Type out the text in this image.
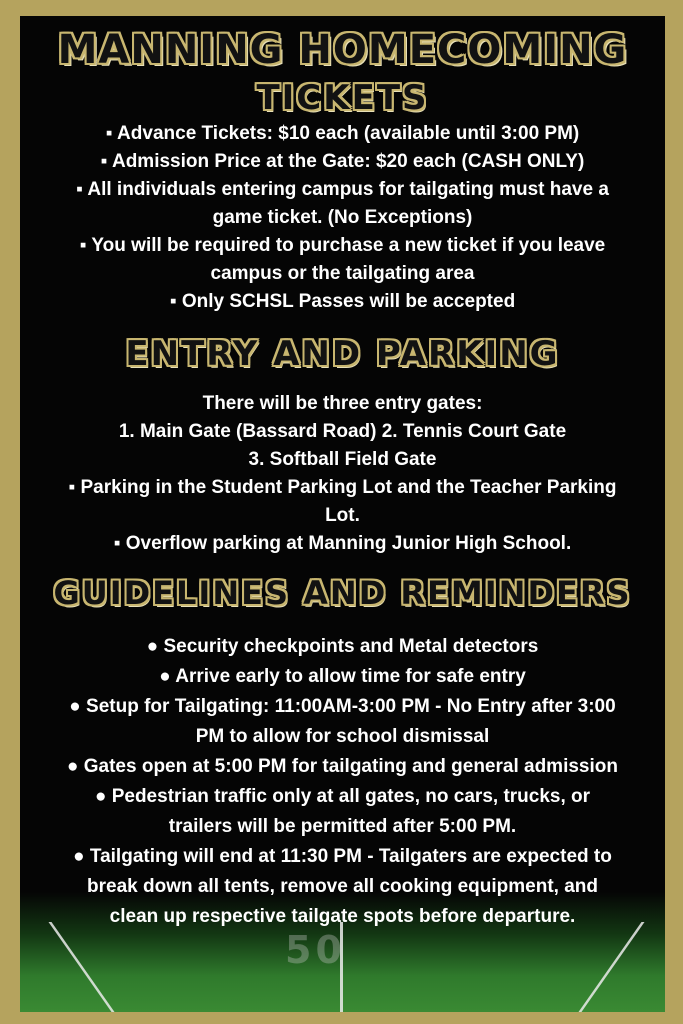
50
MANNING HOMECOMING
TICKETS
▪ Advance Tickets: $10 each (available until 3:00 PM)
▪ Admission Price at the Gate: $20 each (CASH ONLY)
▪ All individuals entering campus for tailgating must have a
game ticket. (No Exceptions)
▪ You will be required to purchase a new ticket if you leave
campus or the tailgating area
▪ Only SCHSL Passes will be accepted
ENTRY AND PARKING
There will be three entry gates:
1. Main Gate (Bassard Road) 2. Tennis Court Gate
3. Softball Field Gate
▪ Parking in the Student Parking Lot and the Teacher Parking
Lot.
▪ Overflow parking at Manning Junior High School.
GUIDELINES AND REMINDERS
● Security checkpoints and Metal detectors
● Arrive early to allow time for safe entry
● Setup for Tailgating: 11:00AM-3:00 PM - No Entry after 3:00
PM to allow for school dismissal
● Gates open at 5:00 PM for tailgating and general admission
● Pedestrian traffic only at all gates, no cars, trucks, or
trailers will be permitted after 5:00 PM.
● Tailgating will end at 11:30 PM - Tailgaters are expected to
break down all tents, remove all cooking equipment, and
clean up respective tailgate spots before departure.
